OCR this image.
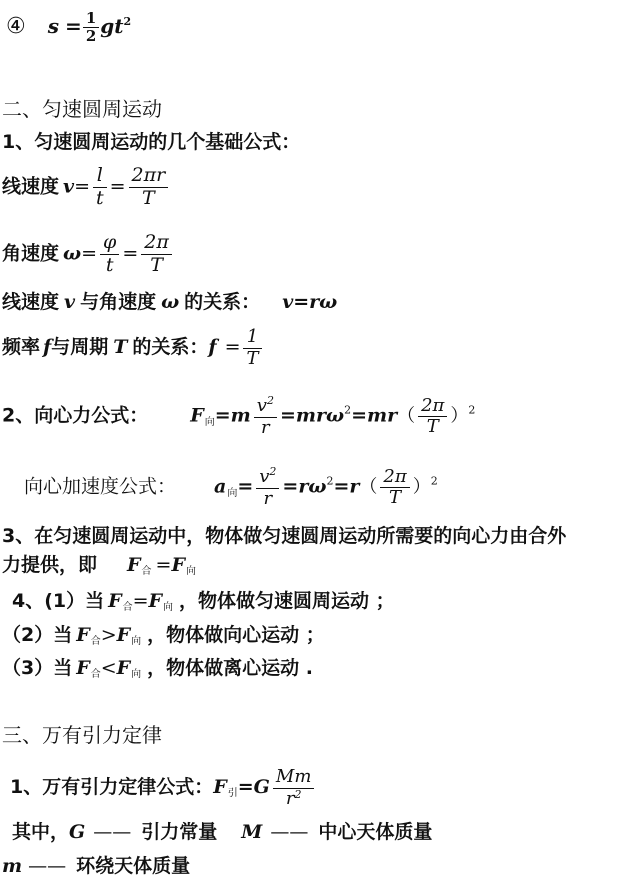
④ $s = \frac{1}{2} gt^2$
二、匀速圆周运动
1、匀速圆周运动的几个基础公式：
线速度 $v= \frac{l}{t} = \frac{2\pi r}{T}$
角速度 $\omega= \frac{\varphi}{t} = \frac{2\pi}{T}$
线速度 v 与角速度 ω 的关系： v=rω
频率 f与周期 T 的关系：$f = \frac{1}{T}$
2、向心力公式： $F_向=m \frac{v^2}{r} =mr\omega^2=mr( \frac{2\pi}{T} )^2$
向心加速度公式： $a_向= \frac{v^2}{r} =r\omega^2=r( \frac{2\pi}{T} )^2$
3、在匀速圆周运动中，物体做匀速圆周运动所需要的向心力由合外
力提供，即 $F_合 =F_向$
4、(1）当 $F_合=F_向$ ，物体做匀速圆周运动 ；
（2）当 $F_合>F_向$ ，物体做向心运动 ；
（3）当 $F_合<F_向$ ，物体做离心运动 .
三、万有引力定律
1、万有引力定律公式：$F_引=G \frac{Mm}{r^2}$
其中，G —— 引力常量 M —— 中心天体质量
m —— 环绕天体质量
